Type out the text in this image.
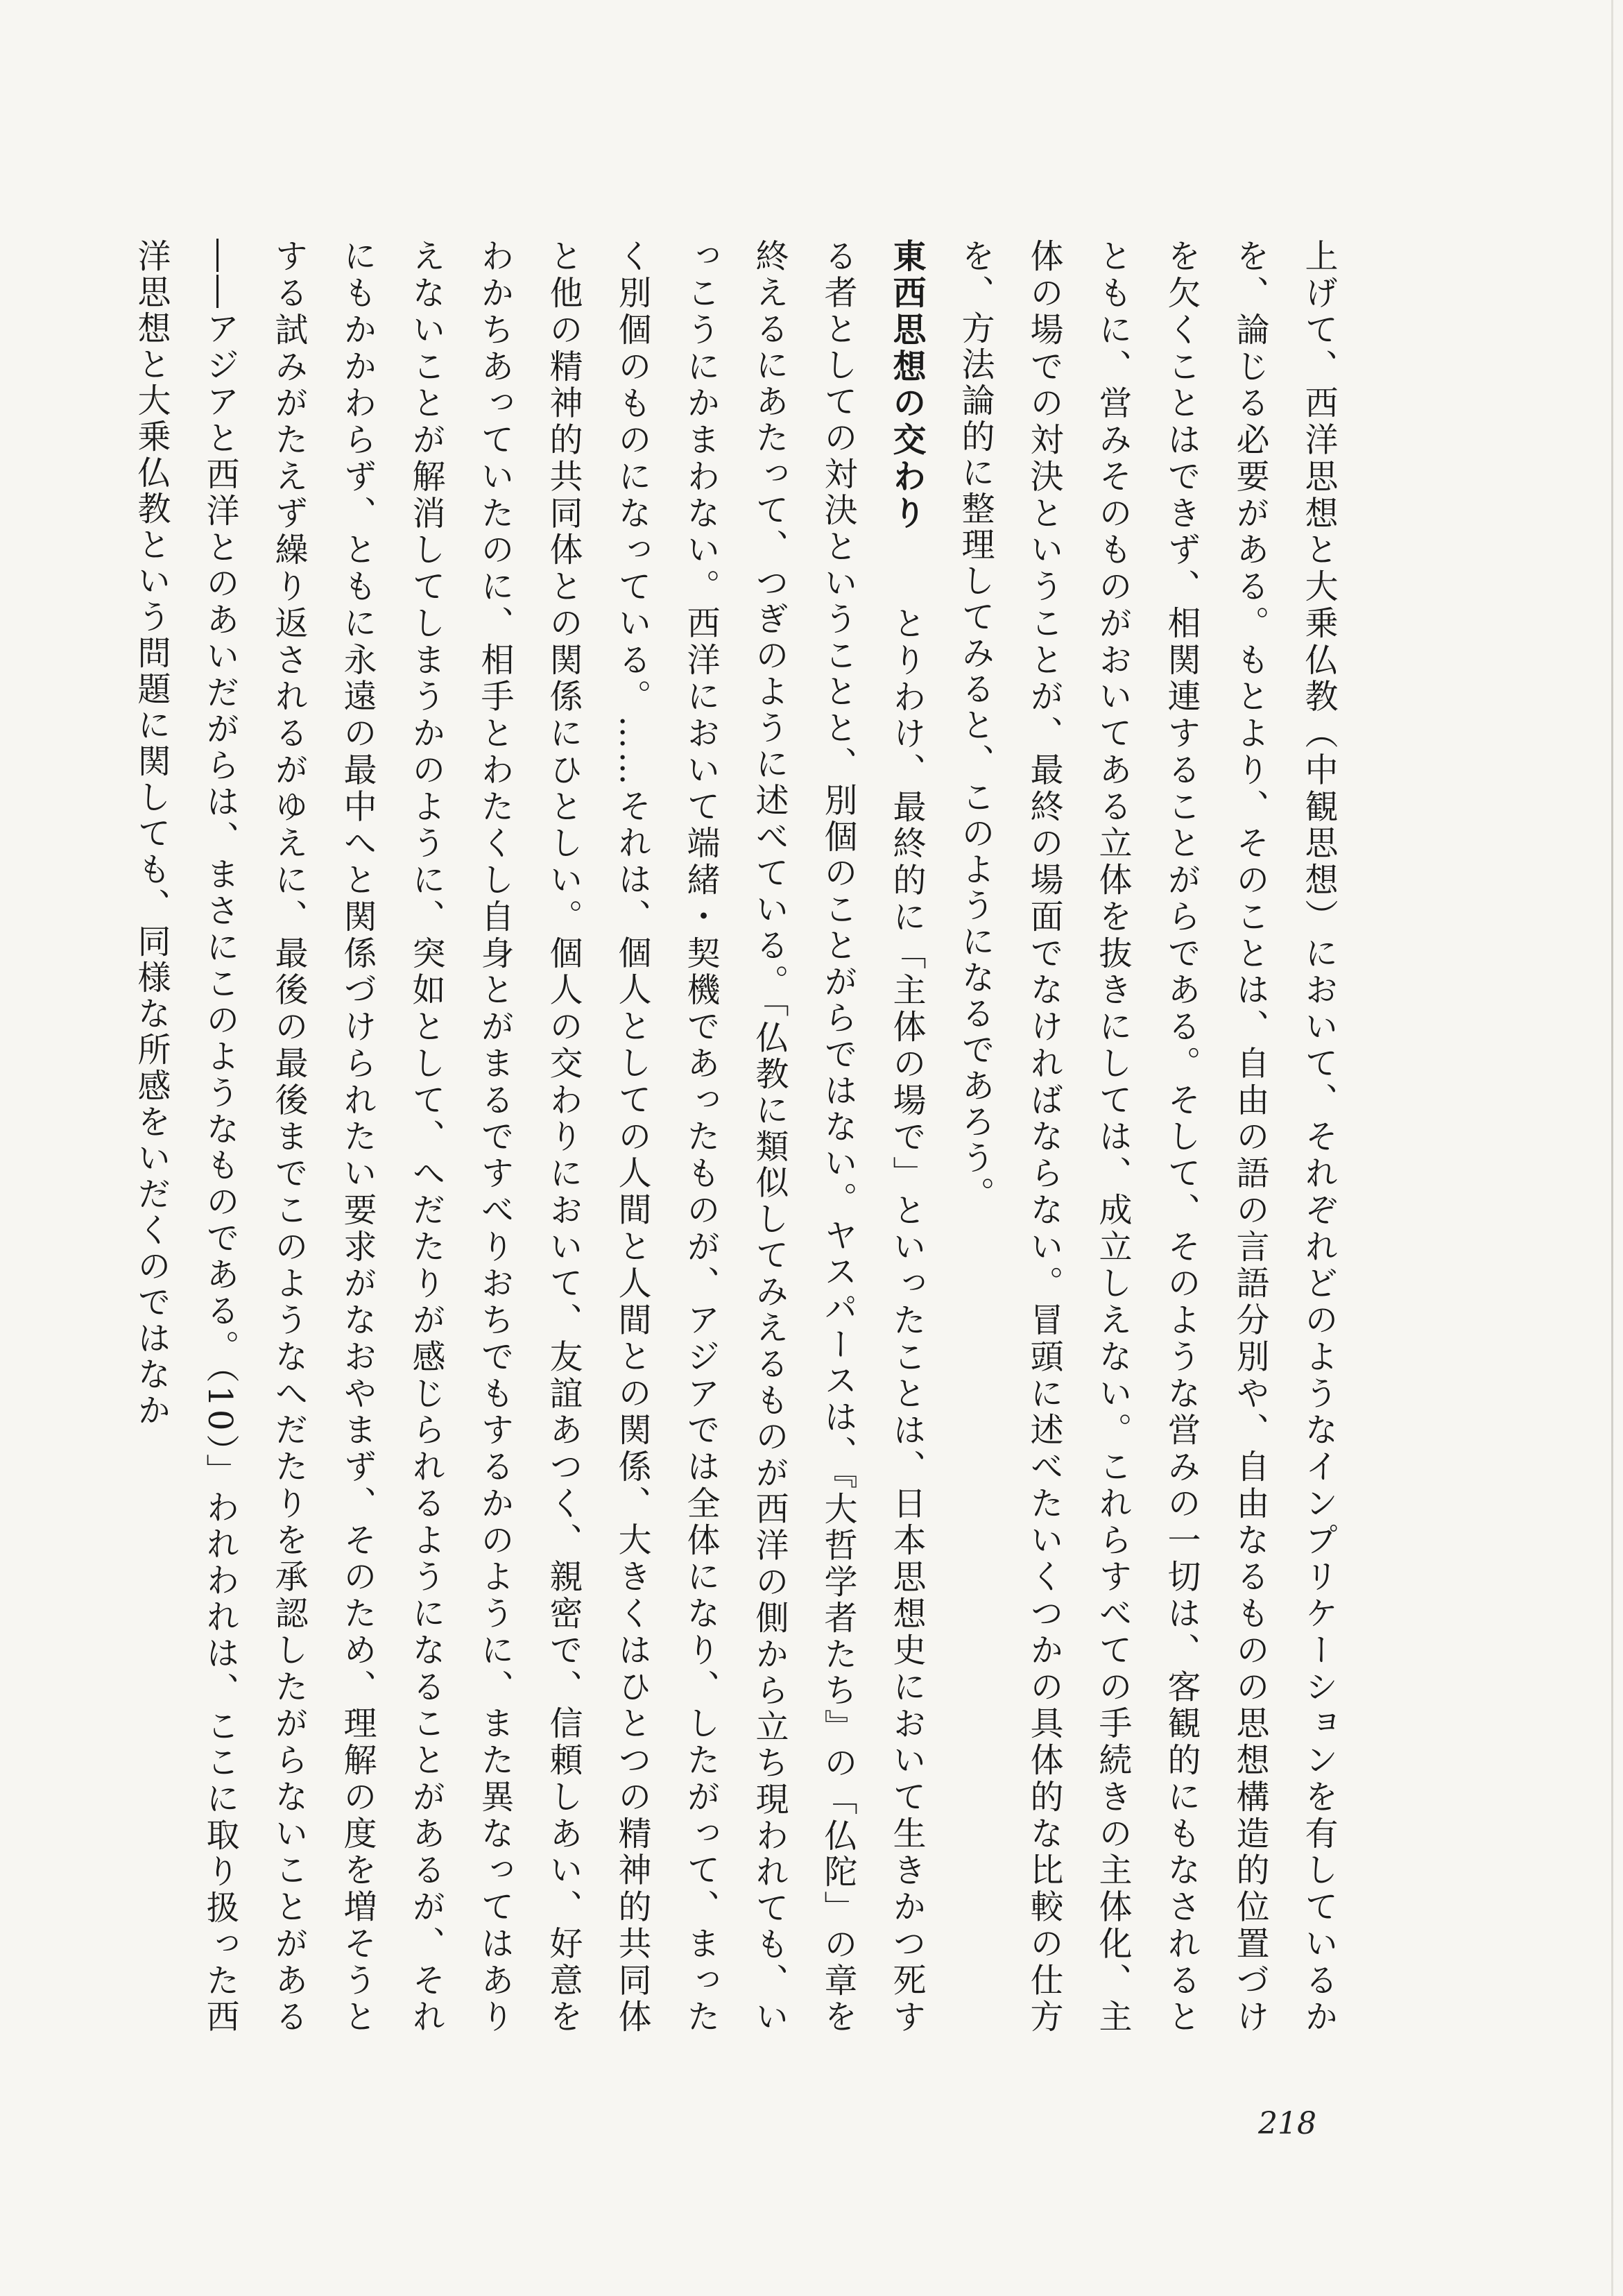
上げて、西洋思想と大乗仏教（中観思想）において、それぞれどのようなインプリケーションを有しているかを、論じる必要がある。もとより、そのことは、自由の語の言語分別や、自由なるものの思想構造的位置づけを欠くことはできず、相関連することがらである。そして、そのような営みの一切は、客観的にもなされるとともに、営みそのものがおいてある立体を抜きにしては、成立しえない。これらすべての手続きの主体化、主体の場での対決ということが、最終の場面でなければならない。冒頭に述べたいくつかの具体的な比較の仕方を、方法論的に整理してみると、このようになるであろう。

東西思想の交わりとりわけ、最終的に「主体の場で」といったことは、日本思想史において生きかつ死する者としての対決ということと、別個のことがらではない。ヤスパースは、『大哲学者たち』の「仏陀」の章を終えるにあたって、つぎのように述べている。「仏教に類似してみえるものが西洋の側から立ち現われても、いっこうにかまわない。西洋において端緒・契機であったものが、アジアでは全体になり、したがって、まったく別個のものになっている。……それは、個人としての人間と人間との関係、大きくはひとつの精神的共同体と他の精神的共同体との関係にひとしい。個人の交わりにおいて、友誼あつく、親密で、信頼しあい、好意をわかちあっていたのに、相手とわたくし自身とがまるですべりおちでもするかのように、また異なってはありえないことが解消してしまうかのように、突如として、へだたりが感じられるようになることがあるが、それにもかかわらず、ともに永遠の最中へと関係づけられたい要求がなおやまず、そのため、理解の度を増そうとする試みがたえず繰り返されるがゆえに、最後の最後までこのようなへだたりを承認したがらないことがある――アジアと西洋とのあいだがらは、まさにこのようなものである。（10）」われわれは、ここに取り扱った西洋思想と大乗仏教という問題に関しても、同様な所感をいだくのではなか

218
